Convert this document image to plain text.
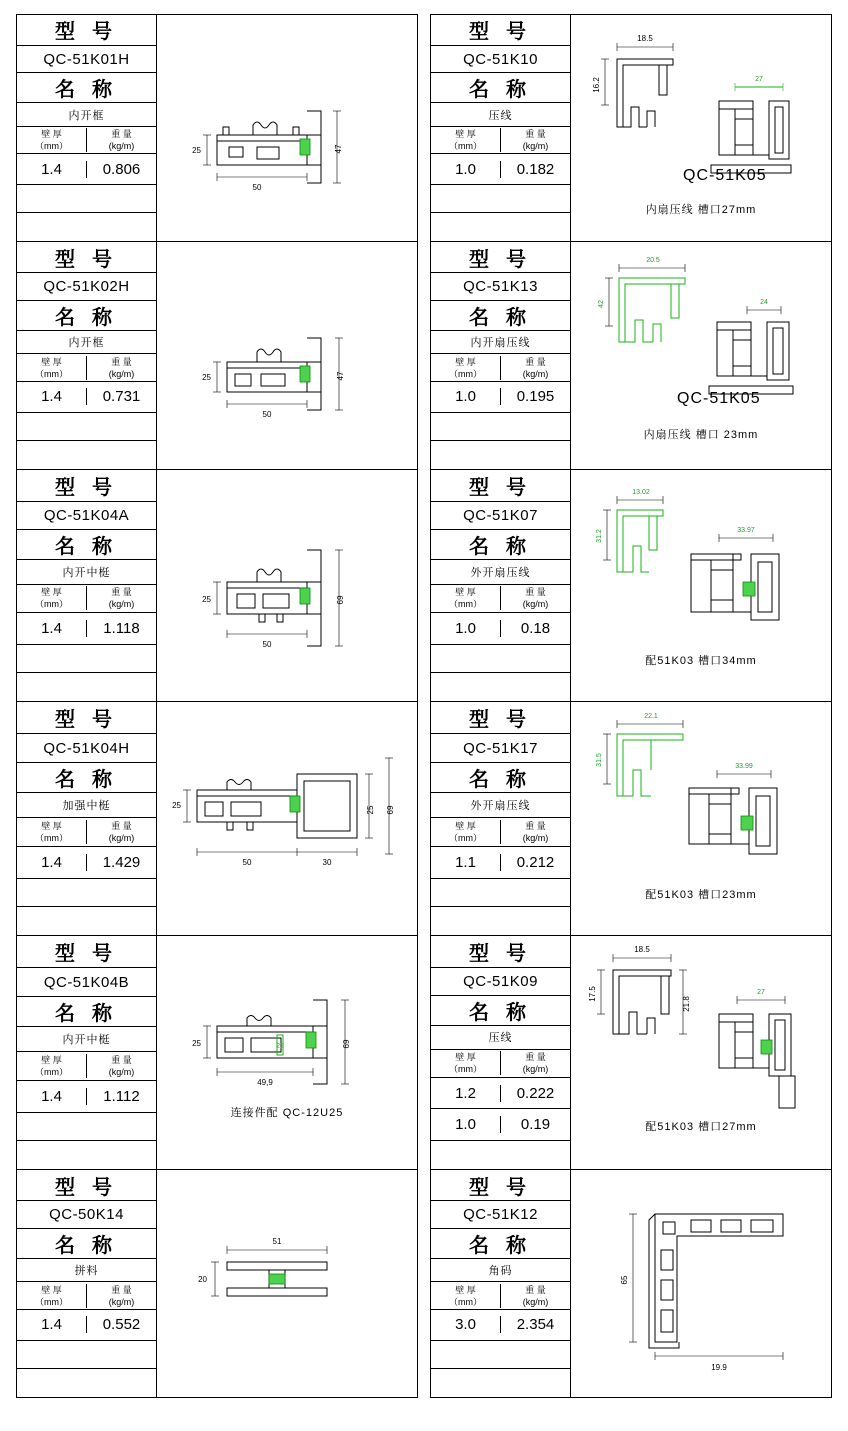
型 号
QC-51K01H
名 称
内开框
壁 厚
（mm）
重 量
(kg/m)
1.4	0.806
50
25	47
型 号
QC-51K02H
名 称
内开框
壁 厚
（mm）
重 量
(kg/m)
1.4	0.731
50
25	47
型 号
QC-51K04A
名 称
内开中梃
壁 厚
（mm）
重 量
(kg/m)
1.4	1.118
50
25	69
型 号
QC-51K04H
名 称
加强中梃
壁 厚
（mm）
重 量
(kg/m)
1.4	1.429	50	30
25	25 69
型 号
QC-51K04B
名 称
内开中梃
壁 厚
（mm）
重 量
(kg/m)
1.4	1.112
49,9
25	69
22
连接件配 QC-12U25
型 号
QC-50K14
名 称
拼料
壁 厚
（mm）
重 量
(kg/m)
1.4	0.552
51
20
型 号
QC-51K10
名 称
压线
壁 厚
（mm）
重 量
(kg/m)
1.0	0.182
18.5
16.2	27
QC-51K05
内扇压线 槽口27mm
型 号
QC-51K13
名 称
内开扇压线
壁 厚
（mm）
重 量
(kg/m)
1.0	0.195
20.5
42	24
QC-51K05
内扇压线 槽口 23mm
型 号
QC-51K07
名 称
外开扇压线
壁 厚
（mm）
重 量
(kg/m)
1.0	0.18
13.02
31.2	33.97
配51K03 槽口34mm
型 号
QC-51K17
名 称
外开扇压线
壁 厚
（mm）
重 量
(kg/m)
1.1	0.212
22.1
31.5	33.99
配51K03 槽口23mm
型 号
QC-51K09
名 称
压线
壁 厚
（mm）
重 量
(kg/m)
1.2	0.222
1.0	0.19
18.5
17.5
21.8
27
配51K03 槽口27mm
型 号
QC-51K12
名 称
角码
壁 厚
（mm）
重 量
(kg/m)
3.0	2.354
65
19.9
